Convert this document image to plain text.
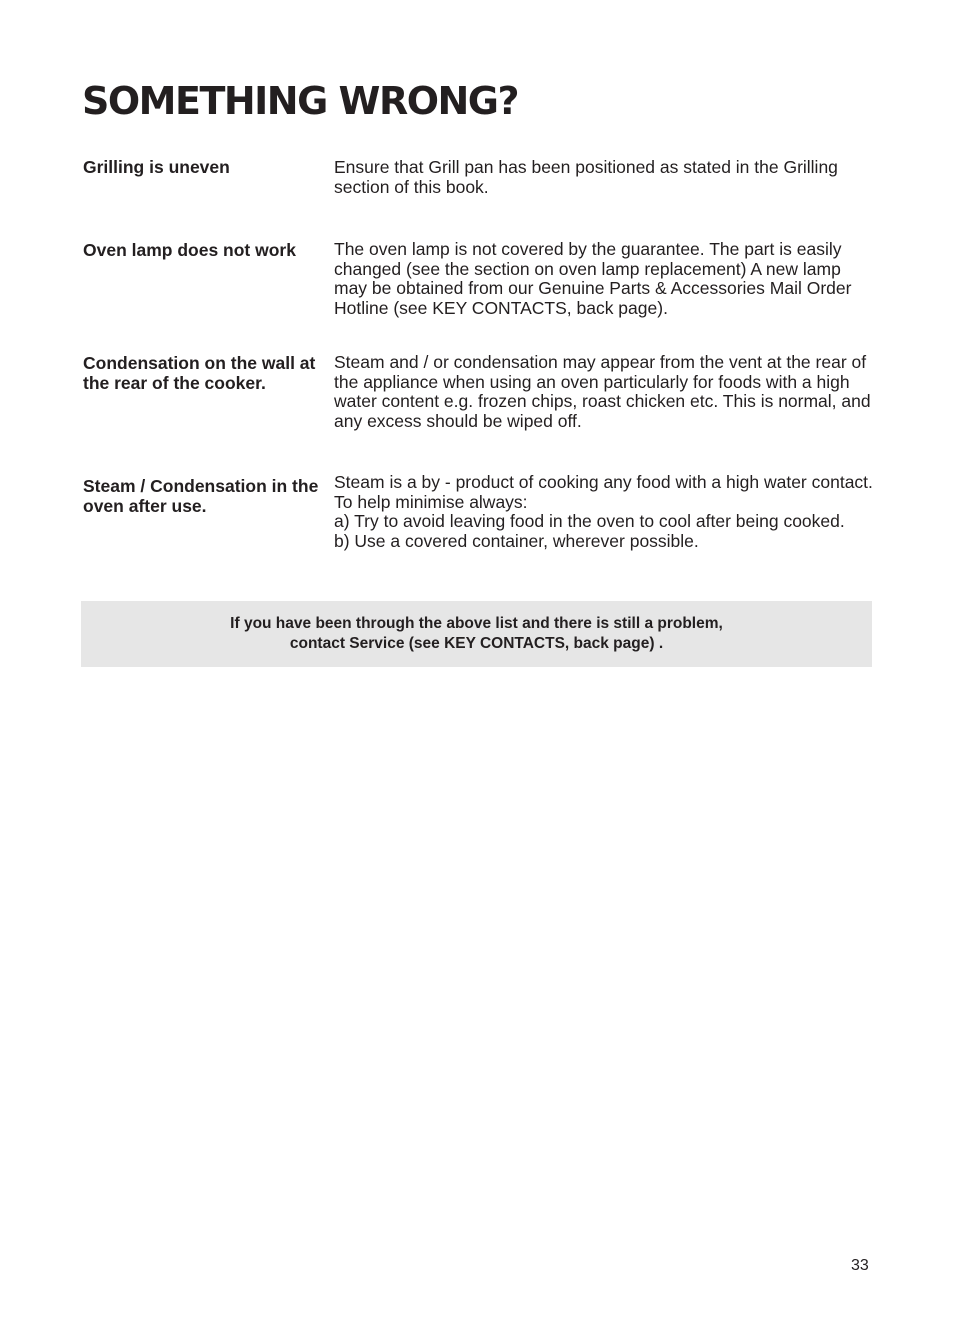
SOMETHING WRONG?
Grilling is uneven	Ensure that Grill pan has been positioned as stated in the Grilling section of this book.

Oven lamp does not work	The oven lamp is not covered by the guarantee. The part is easily changed (see the section on oven lamp replacement) A new lamp may be obtained from our Genuine Parts & Accessories Mail Order Hotline (see KEY CONTACTS, back page).

Condensation on the wall at the rear of the cooker.

Steam and / or condensation may appear from the vent at the rear of the appliance when using an oven particularly for foods with a high water content e.g. frozen chips, roast chicken etc. This is normal, and any excess should be wiped off.

Steam / Condensation in the oven after use.

Steam is a by - product of cooking any food with a high water contact. To help minimise always:

a) Try to avoid leaving food in the oven to cool after being cooked.

b) Use a covered container, wherever possible.

If you have been through the above list and there is still a problem,
contact Service (see KEY CONTACTS, back page) .
33
